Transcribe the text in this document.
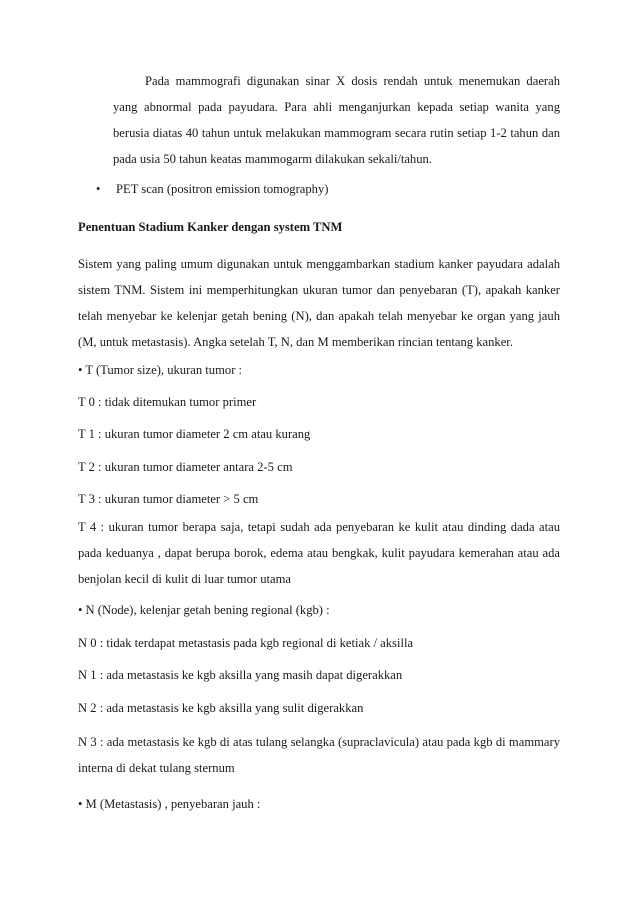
Pada mammografi digunakan sinar X dosis rendah untuk menemukan daerah yang abnormal pada payudara. Para ahli menganjurkan kepada setiap wanita yang berusia diatas 40 tahun untuk melakukan mammogram secara rutin setiap 1-2 tahun dan pada usia 50 tahun keatas mammogarm dilakukan sekali/tahun.

• PET scan (positron emission tomography)
Penentuan Stadium Kanker dengan system TNM

Sistem yang paling umum digunakan untuk menggambarkan stadium kanker payudara adalah sistem TNM. Sistem ini memperhitungkan ukuran tumor dan penyebaran (T), apakah kanker telah menyebar ke kelenjar getah bening (N), dan apakah telah menyebar ke organ yang jauh (M, untuk metastasis). Angka setelah T, N, dan M memberikan rincian tentang kanker.

• T (Tumor size), ukuran tumor :
T 0 : tidak ditemukan tumor primer
T 1 : ukuran tumor diameter 2 cm atau kurang
T 2 : ukuran tumor diameter antara 2-5 cm
T 3 : ukuran tumor diameter > 5 cm

T 4 : ukuran tumor berapa saja, tetapi sudah ada penyebaran ke kulit atau dinding dada atau pada keduanya , dapat berupa borok, edema atau bengkak, kulit payudara kemerahan atau ada benjolan kecil di kulit di luar tumor utama

• N (Node), kelenjar getah bening regional (kgb) :
N 0 : tidak terdapat metastasis pada kgb regional di ketiak / aksilla
N 1 : ada metastasis ke kgb aksilla yang masih dapat digerakkan
N 2 : ada metastasis ke kgb aksilla yang sulit digerakkan

N 3 : ada metastasis ke kgb di atas tulang selangka (supraclavicula) atau pada kgb di mammary interna di dekat tulang sternum

• M (Metastasis) , penyebaran jauh :
